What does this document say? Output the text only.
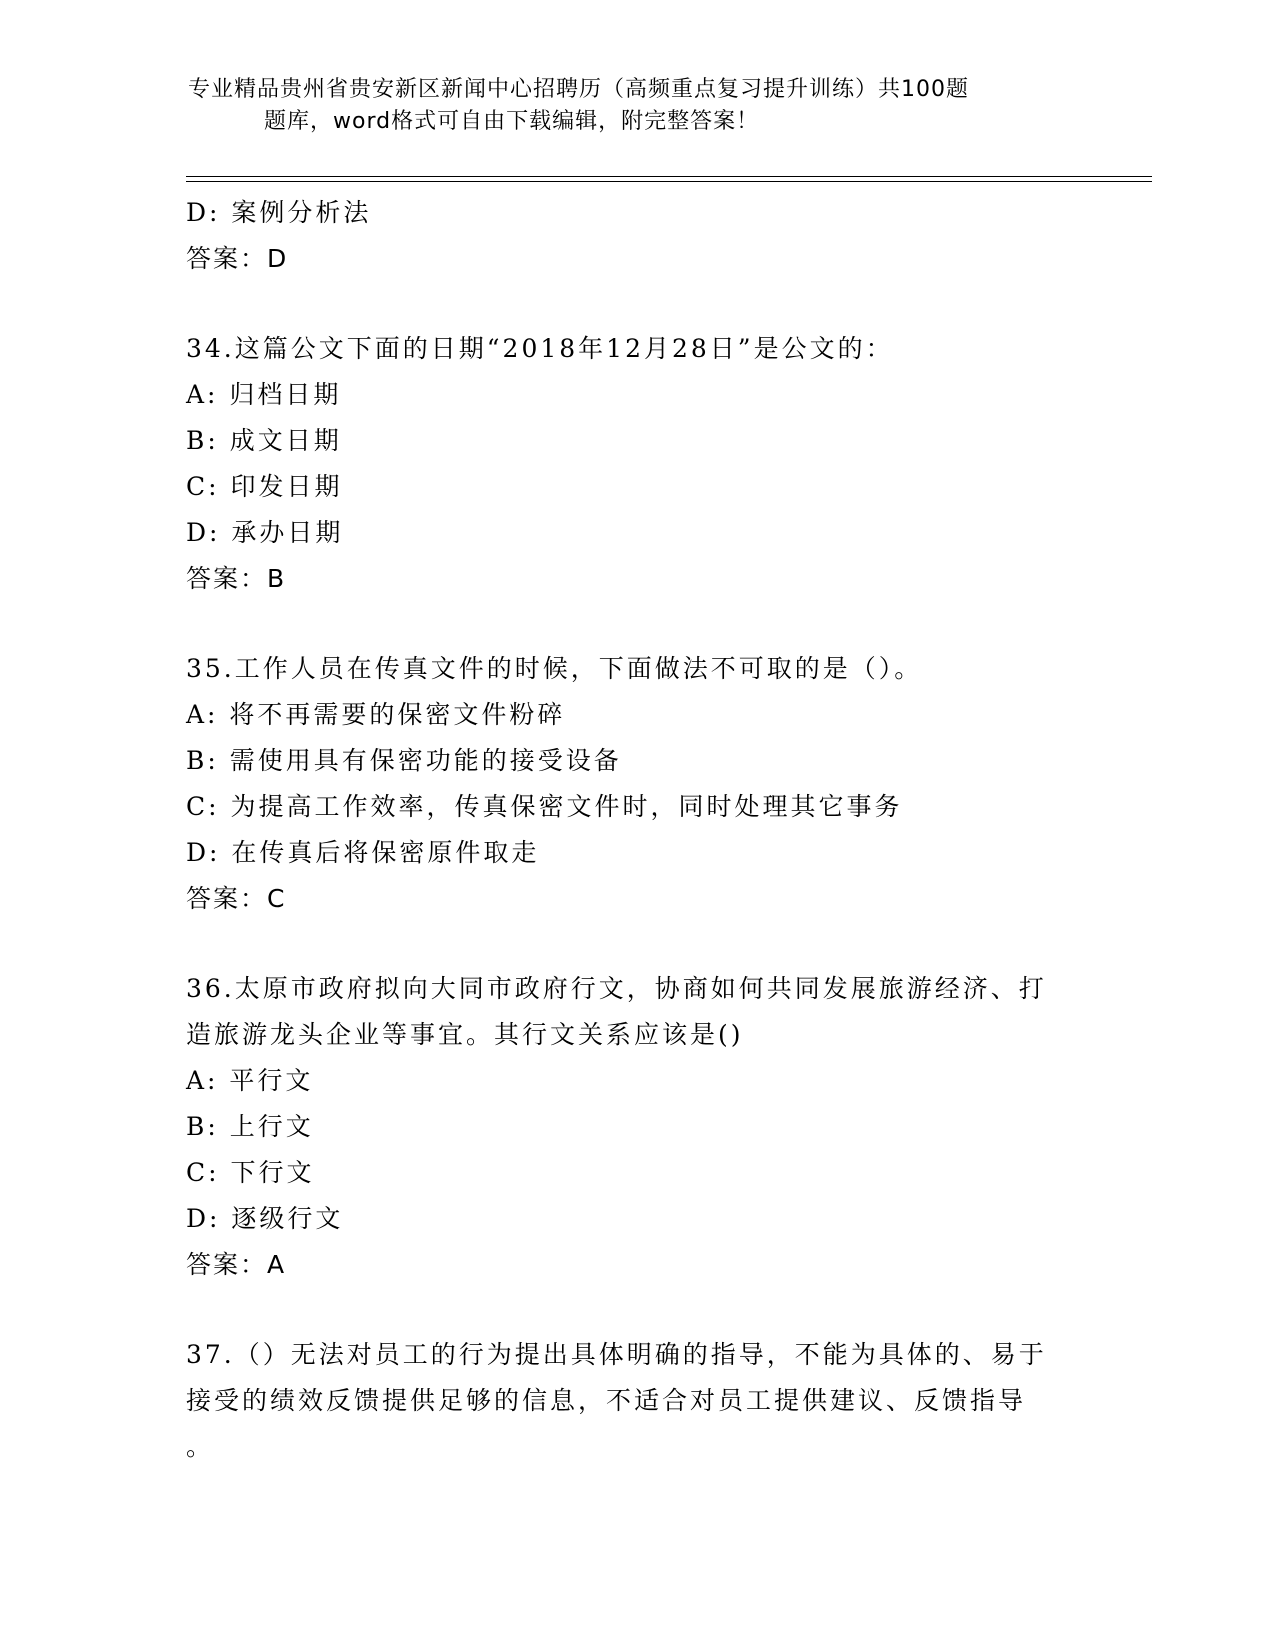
专业精品贵州省贵安新区新闻中心招聘历（高频重点复习提升训练）共100题
题库，word格式可自由下载编辑，附完整答案！
D: 案例分析法
答案：D
34.这篇公文下面的日期“2018年12月28日”是公文的：
A: 归档日期
B: 成文日期
C: 印发日期
D: 承办日期
答案：B
35.工作人员在传真文件的时候，下面做法不可取的是（）。
A: 将不再需要的保密文件粉碎
B: 需使用具有保密功能的接受设备
C: 为提高工作效率，传真保密文件时，同时处理其它事务
D: 在传真后将保密原件取走
答案：C
36.太原市政府拟向大同市政府行文，协商如何共同发展旅游经济、打
造旅游龙头企业等事宜。其行文关系应该是()
A: 平行文
B: 上行文
C: 下行文
D: 逐级行文
答案：A
37.（）无法对员工的行为提出具体明确的指导，不能为具体的、易于
接受的绩效反馈提供足够的信息，不适合对员工提供建议、反馈指导
。
